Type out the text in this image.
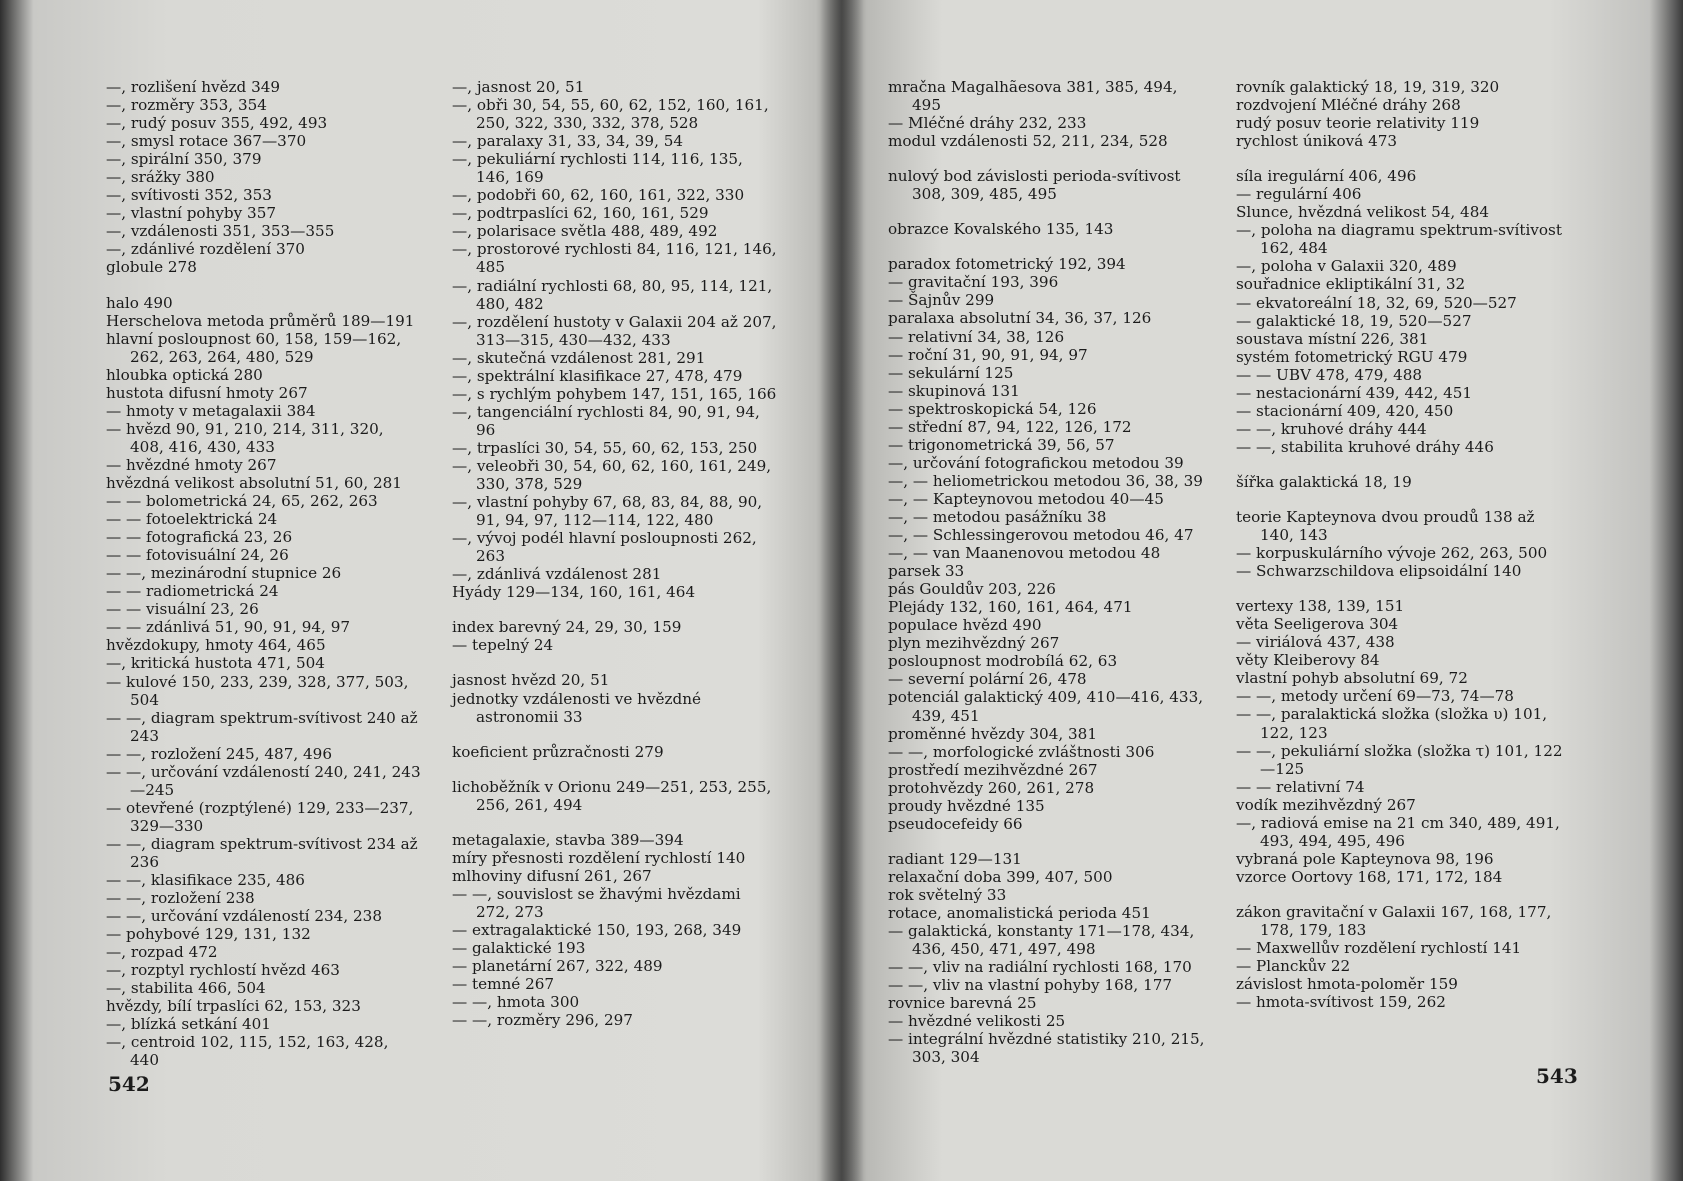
—, rozlišení hvězd 349
—, rozměry 353, 354
—, rudý posuv 355, 492, 493
—, smysl rotace 367—370
—, spirální 350, 379
—, srážky 380
—, svítivosti 352, 353
—, vlastní pohyby 357
—, vzdálenosti 351, 353—355
—, zdánlivé rozdělení 370
globule 278
halo 490
Herschelova metoda průměrů 189—191
hlavní posloupnost 60, 158, 159—162, 262, 263, 264, 480, 529
hloubka optická 280
hustota difusní hmoty 267
— hmoty v metagalaxii 384
— hvězd 90, 91, 210, 214, 311, 320, 408, 416, 430, 433
— hvězdné hmoty 267
hvězdná velikost absolutní 51, 60, 281
— — bolometrická 24, 65, 262, 263
— — fotoelektrická 24
— — fotografická 23, 26
— — fotovisuální 24, 26
— —, mezinárodní stupnice 26
— — radiometrická 24
— — visuální 23, 26
— — zdánlivá 51, 90, 91, 94, 97
hvězdokupy, hmoty 464, 465
—, kritická hustota 471, 504
— kulové 150, 233, 239, 328, 377, 503, 504
— —, diagram spektrum-svítivost 240 až 243
— —, rozložení 245, 487, 496
— —, určování vzdáleností 240, 241, 243—245
— otevřené (rozptýlené) 129, 233—237, 329—330
— —, diagram spektrum-svítivost 234 až 236
— —, klasifikace 235, 486
— —, rozložení 238
— —, určování vzdáleností 234, 238
— pohybové 129, 131, 132
—, rozpad 472
—, rozptyl rychlostí hvězd 463
—, stabilita 466, 504
hvězdy, bílí trpaslíci 62, 153, 323
—, blízká setkání 401
—, centroid 102, 115, 152, 163, 428, 440
—, jasnost 20, 51
—, obři 30, 54, 55, 60, 62, 152, 160, 161, 250, 322, 330, 332, 378, 528
—, paralaxy 31, 33, 34, 39, 54
—, pekuliární rychlosti 114, 116, 135, 146, 169
—, podobři 60, 62, 160, 161, 322, 330
—, podtrpaslíci 62, 160, 161, 529
—, polarisace světla 488, 489, 492
—, prostorové rychlosti 84, 116, 121, 146, 485
—, radiální rychlosti 68, 80, 95, 114, 121, 480, 482
—, rozdělení hustoty v Galaxii 204 až 207, 313—315, 430—432, 433
—, skutečná vzdálenost 281, 291
—, spektrální klasifikace 27, 478, 479
—, s rychlým pohybem 147, 151, 165, 166
—, tangenciální rychlosti 84, 90, 91, 94, 96
—, trpaslíci 30, 54, 55, 60, 62, 153, 250
—, veleobři 30, 54, 60, 62, 160, 161, 249, 330, 378, 529
—, vlastní pohyby 67, 68, 83, 84, 88, 90, 91, 94, 97, 112—114, 122, 480
—, vývoj podél hlavní posloupnosti 262, 263
—, zdánlivá vzdálenost 281
Hyády 129—134, 160, 161, 464
index barevný 24, 29, 30, 159
— tepelný 24
jasnost hvězd 20, 51
jednotky vzdálenosti ve hvězdné astronomii 33
koeficient průzračnosti 279
lichoběžník v Orionu 249—251, 253, 255, 256, 261, 494
metagalaxie, stavba 389—394
míry přesnosti rozdělení rychlostí 140
mlhoviny difusní 261, 267
— —, souvislost se žhavými hvězdami 272, 273
— extragalaktické 150, 193, 268, 349
— galaktické 193
— planetární 267, 322, 489
— temné 267
— —, hmota 300
— —, rozměry 296, 297
542
mračna Magalhãesova 381, 385, 494, 495
— Mléčné dráhy 232, 233
modul vzdálenosti 52, 211, 234, 528
nulový bod závislosti perioda-svítivost 308, 309, 485, 495
obrazce Kovalského 135, 143
paradox fotometrický 192, 394
— gravitační 193, 396
— Šajnův 299
paralaxa absolutní 34, 36, 37, 126
— relativní 34, 38, 126
— roční 31, 90, 91, 94, 97
— sekulární 125
— skupinová 131
— spektroskopická 54, 126
— střední 87, 94, 122, 126, 172
— trigonometrická 39, 56, 57
—, určování fotografickou metodou 39
—, — heliometrickou metodou 36, 38, 39
—, — Kapteynovou metodou 40—45
—, — metodou pasážníku 38
—, — Schlessingerovou metodou 46, 47
—, — van Maanenovou metodou 48
parsek 33
pás Gouldův 203, 226
Plejády 132, 160, 161, 464, 471
populace hvězd 490
plyn mezihvězdný 267
posloupnost modrobílá 62, 63
— severní polární 26, 478
potenciál galaktický 409, 410—416, 433, 439, 451
proměnné hvězdy 304, 381
— —, morfologické zvláštnosti 306
prostředí mezihvězdné 267
protohvězdy 260, 261, 278
proudy hvězdné 135
pseudocefeidy 66
radiant 129—131
relaxační doba 399, 407, 500
rok světelný 33
rotace, anomalistická perioda 451
— galaktická, konstanty 171—178, 434, 436, 450, 471, 497, 498
— —, vliv na radiální rychlosti 168, 170
— —, vliv na vlastní pohyby 168, 177
rovnice barevná 25
— hvězdné velikosti 25
— integrální hvězdné statistiky 210, 215, 303, 304
rovník galaktický 18, 19, 319, 320
rozdvojení Mléčné dráhy 268
rudý posuv teorie relativity 119
rychlost úniková 473
síla iregulární 406, 496
— regulární 406
Slunce, hvězdná velikost 54, 484
—, poloha na diagramu spektrum-svítivost 162, 484
—, poloha v Galaxii 320, 489
souřadnice ekliptikální 31, 32
— ekvatoreální 18, 32, 69, 520—527
— galaktické 18, 19, 520—527
soustava místní 226, 381
systém fotometrický RGU 479
— — UBV 478, 479, 488
— nestacionární 439, 442, 451
— stacionární 409, 420, 450
— —, kruhové dráhy 444
— —, stabilita kruhové dráhy 446
šířka galaktická 18, 19
teorie Kapteynova dvou proudů 138 až 140, 143
— korpuskulárního vývoje 262, 263, 500
— Schwarzschildova elipsoidální 140
vertexy 138, 139, 151
věta Seeligerova 304
— viriálová 437, 438
věty Kleiberovy 84
vlastní pohyb absolutní 69, 72
— —, metody určení 69—73, 74—78
— —, paralaktická složka (složka υ) 101, 122, 123
— —, pekuliární složka (složka τ) 101, 122—125
— — relativní 74
vodík mezihvězdný 267
—, radiová emise na 21 cm 340, 489, 491, 493, 494, 495, 496
vybraná pole Kapteynova 98, 196
vzorce Oortovy 168, 171, 172, 184
zákon gravitační v Galaxii 167, 168, 177, 178, 179, 183
— Maxwellův rozdělení rychlostí 141
— Planckův 22
závislost hmota-poloměr 159
— hmota-svítivost 159, 262
543
